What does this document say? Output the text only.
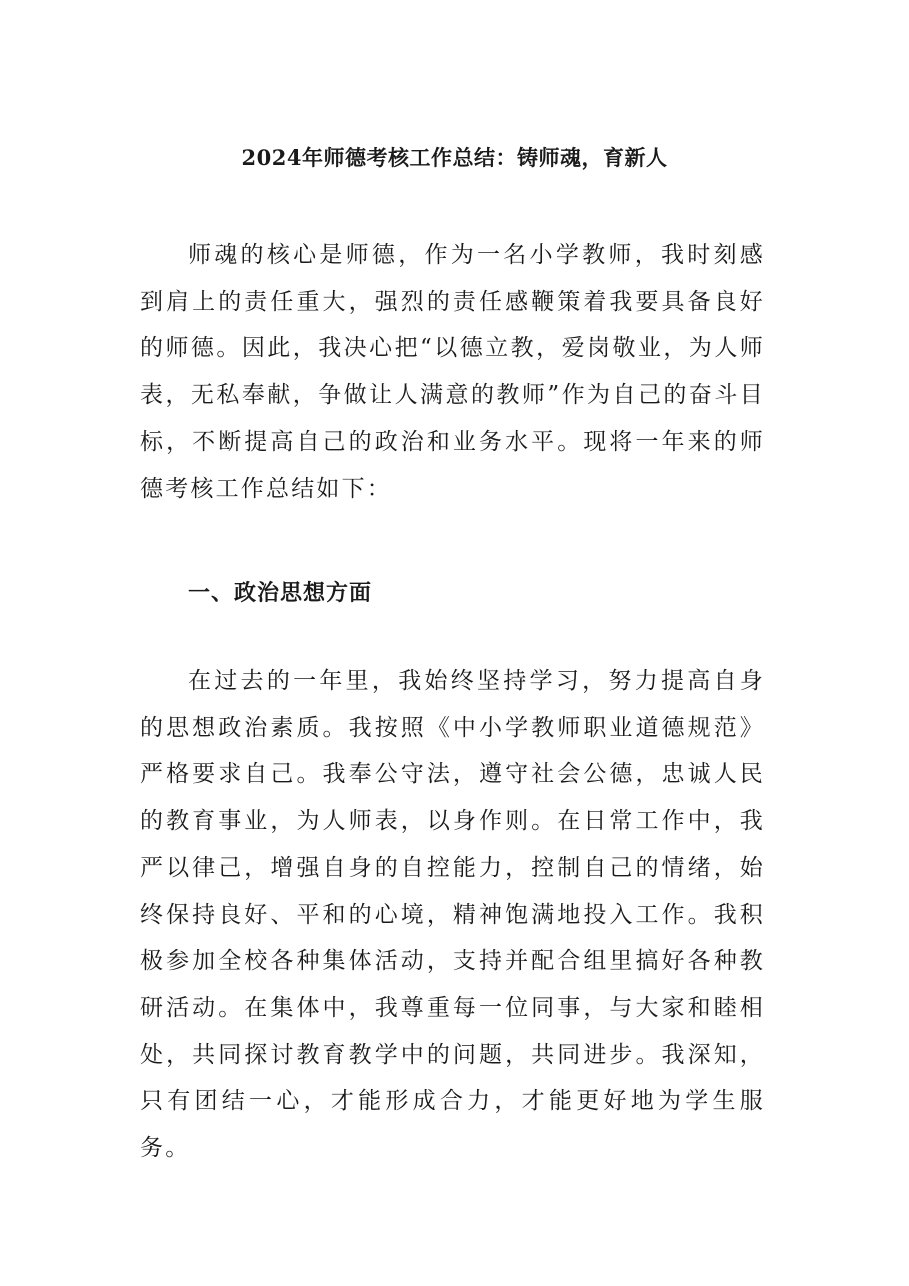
2024年师德考核工作总结：铸师魂，育新人

师魂的核心是师德，作为一名小学教师，我时刻感到肩上的责任重大，强烈的责任感鞭策着我要具备良好的师德。因此，我决心把“以德立教，爱岗敬业，为人师表，无私奉献，争做让人满意的教师”作为自己的奋斗目标，不断提高自己的政治和业务水平。现将一年来的师德考核工作总结如下：

一、政治思想方面

在过去的一年里，我始终坚持学习，努力提高自身的思想政治素质。我按照《中小学教师职业道德规范》严格要求自己。我奉公守法，遵守社会公德，忠诚人民的教育事业，为人师表，以身作则。在日常工作中，我严以律己，增强自身的自控能力，控制自己的情绪，始终保持良好、平和的心境，精神饱满地投入工作。我积极参加全校各种集体活动，支持并配合组里搞好各种教研活动。在集体中，我尊重每一位同事，与大家和睦相处，共同探讨教育教学中的问题，共同进步。我深知，只有团结一心，才能形成合力，才能更好地为学生服务。
